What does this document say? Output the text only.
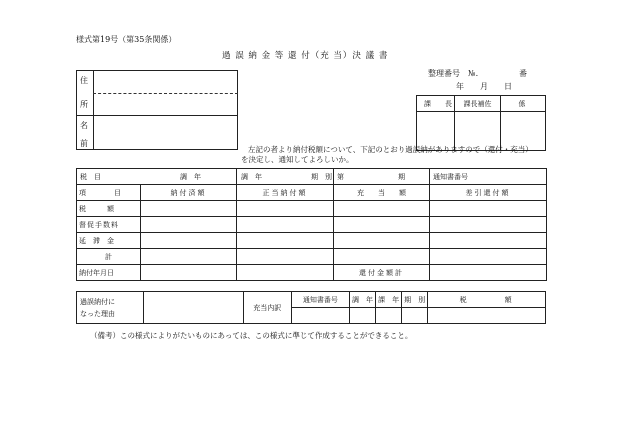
様式第19号（第35条関係）
過 誤 納 金 等 還 付（充 当）決 議 書
整理番号　№.	番
年　　月　　日
住
所
名
前
課　　長	課長補佐	係

左記の者より納付税額について、下記のとおり過誤納がありますので（還付・充当）
を決定し、通知してよろしいか。
税　目 調　年		調　年 期　別	第 期	通知書番号

項　　　　目	納付済額	正当納付額	充　　当　　額	差引還付額
税　　　額				
督促手数料				
延　滞　金				
計				
納付年月日			還付金額計	
過誤納付に
なった理由		充当内訳	通知書番号	調　年	課　年	期　別	税　　　　額

（備考）この様式によりがたいものにあっては、この様式に準じて作成することができること。
